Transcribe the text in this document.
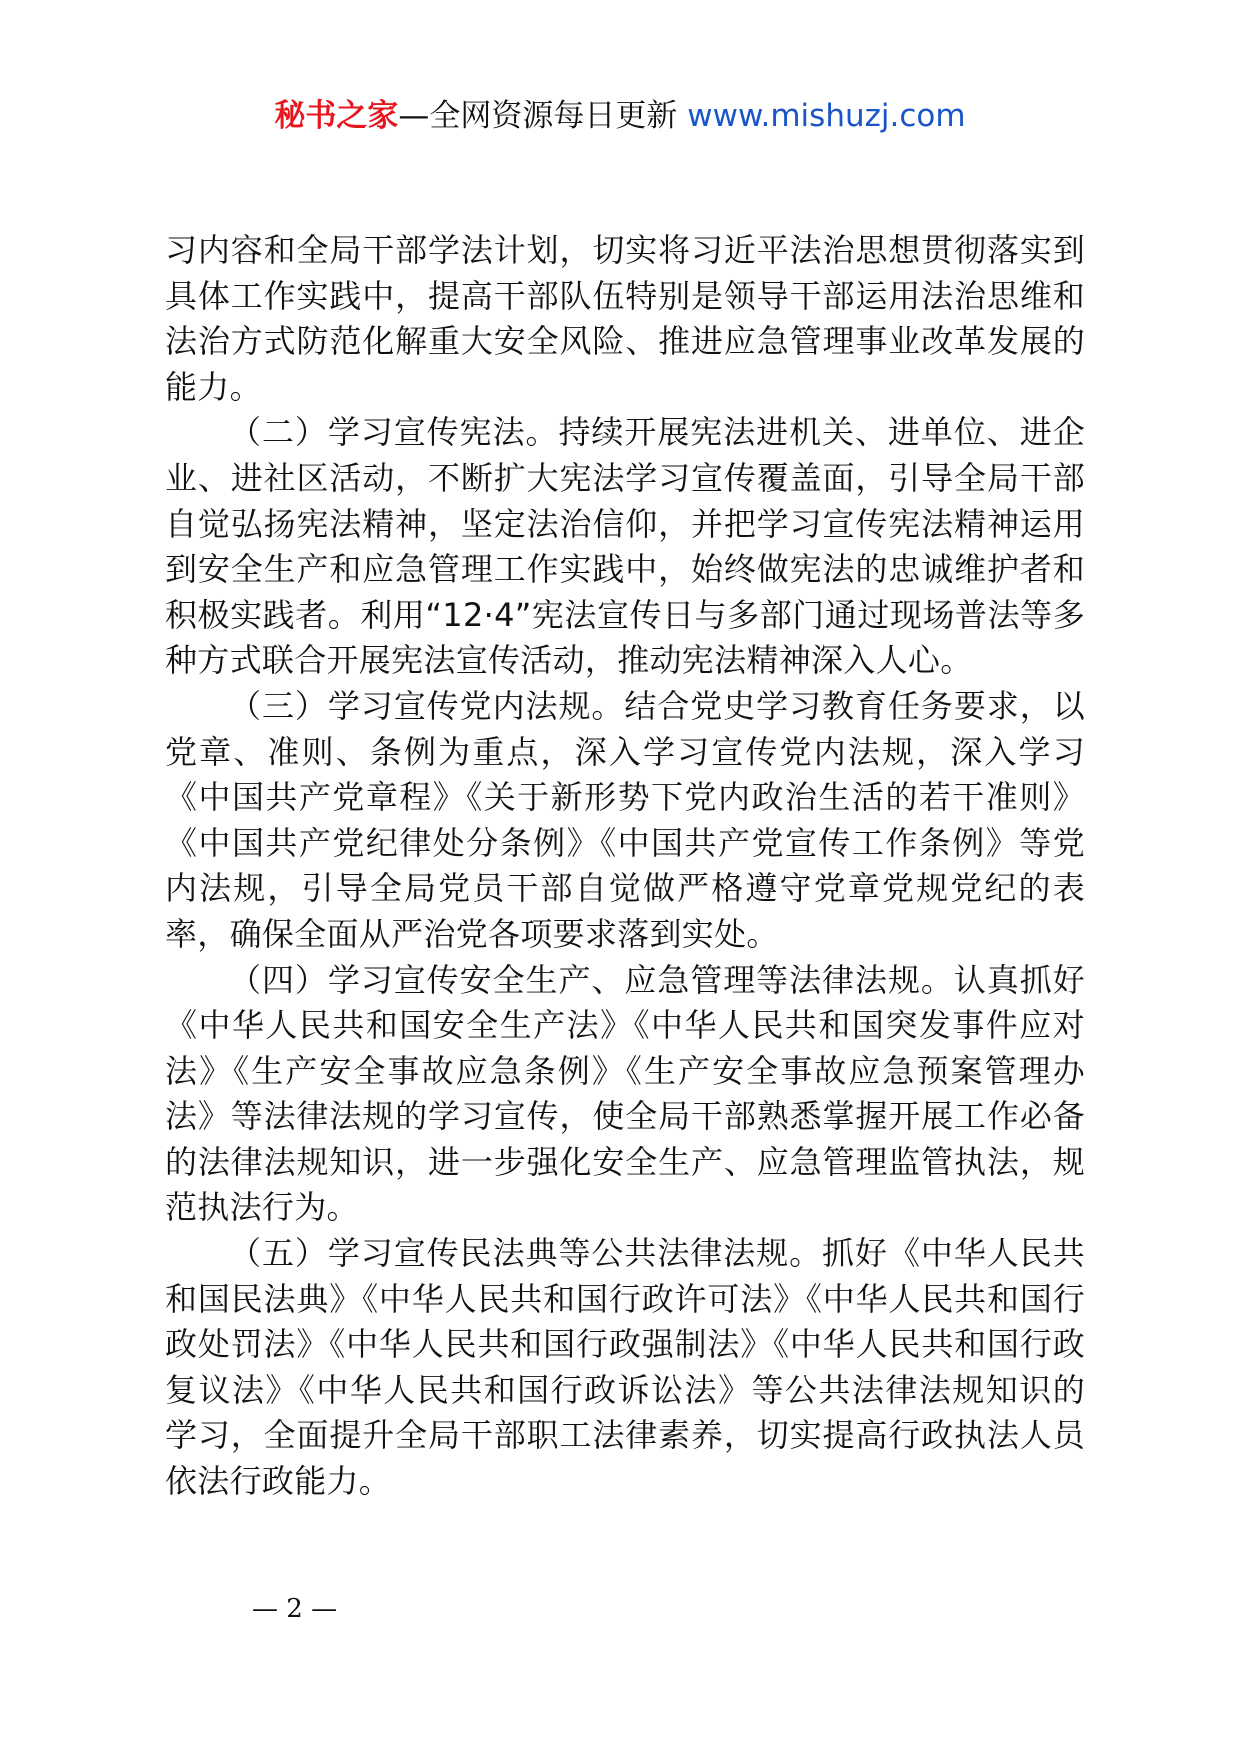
秘书之家—全网资源每日更新 www.mishuzj.com

习内容和全局干部学法计划，切实将习近平法治思想贯彻落实到具体工作实践中，提高干部队伍特别是领导干部运用法治思维和法治方式防范化解重大安全风险、推进应急管理事业改革发展的能力。

（二）学习宣传宪法。持续开展宪法进机关、进单位、进企业、进社区活动，不断扩大宪法学习宣传覆盖面，引导全局干部自觉弘扬宪法精神，坚定法治信仰，并把学习宣传宪法精神运用到安全生产和应急管理工作实践中，始终做宪法的忠诚维护者和积极实践者。利用“12·4”宪法宣传日与多部门通过现场普法等多种方式联合开展宪法宣传活动，推动宪法精神深入人心。

（三）学习宣传党内法规。结合党史学习教育任务要求，以党章、准则、条例为重点，深入学习宣传党内法规，深入学习《中国共产党章程》《关于新形势下党内政治生活的若干准则》《中国共产党纪律处分条例》《中国共产党宣传工作条例》等党内法规，引导全局党员干部自觉做严格遵守党章党规党纪的表率，确保全面从严治党各项要求落到实处。

（四）学习宣传安全生产、应急管理等法律法规。认真抓好《中华人民共和国安全生产法》《中华人民共和国突发事件应对法》《生产安全事故应急条例》《生产安全事故应急预案管理办法》等法律法规的学习宣传，使全局干部熟悉掌握开展工作必备的法律法规知识，进一步强化安全生产、应急管理监管执法，规范执法行为。

（五）学习宣传民法典等公共法律法规。抓好《中华人民共和国民法典》《中华人民共和国行政许可法》《中华人民共和国行政处罚法》《中华人民共和国行政强制法》《中华人民共和国行政复议法》《中华人民共和国行政诉讼法》等公共法律法规知识的学习，全面提升全局干部职工法律素养，切实提高行政执法人员依法行政能力。

— 2 —
